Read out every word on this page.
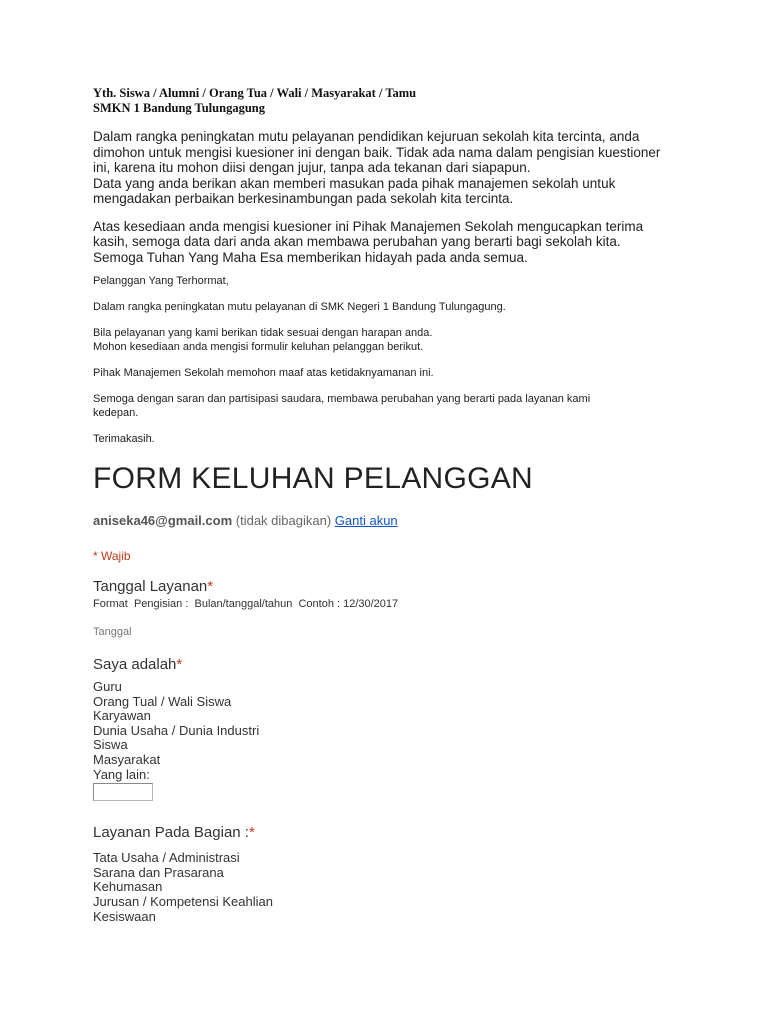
Yth. Siswa / Alumni / Orang Tua / Wali / Masyarakat / Tamu
SMKN 1 Bandung Tulungagung
Dalam rangka peningkatan mutu pelayanan pendidikan kejuruan sekolah kita tercinta, anda
dimohon untuk mengisi kuesioner ini dengan baik. Tidak ada nama dalam pengisian kuestioner
ini, karena itu mohon diisi dengan jujur, tanpa ada tekanan dari siapapun.
Data yang anda berikan akan memberi masukan pada pihak manajemen sekolah untuk
mengadakan perbaikan berkesinambungan pada sekolah kita tercinta.
Atas kesediaan anda mengisi kuesioner ini Pihak Manajemen Sekolah mengucapkan terima
kasih, semoga data dari anda akan membawa perubahan yang berarti bagi sekolah kita.
Semoga Tuhan Yang Maha Esa memberikan hidayah pada anda semua.
Pelanggan Yang Terhormat,
Dalam rangka peningkatan mutu pelayanan di SMK Negeri 1 Bandung Tulungagung.
Bila pelayanan yang kami berikan tidak sesuai dengan harapan anda.
Mohon kesediaan anda mengisi formulir keluhan pelanggan berikut.
Pihak Manajemen Sekolah memohon maaf atas ketidaknyamanan ini.
Semoga dengan saran dan partisipasi saudara, membawa perubahan yang berarti pada layanan kami
kedepan.
Terimakasih.
FORM KELUHAN PELANGGAN
aniseka46@gmail.com (tidak dibagikan) Ganti akun
* Wajib
Tanggal Layanan*
Format  Pengisian :  Bulan/tanggal/tahun  Contoh : 12/30/2017
Tanggal
Saya adalah*
Guru
Orang Tual / Wali Siswa
Karyawan
Dunia Usaha / Dunia Industri
Siswa
Masyarakat
Yang lain:
Layanan Pada Bagian :*
Tata Usaha / Administrasi
Sarana dan Prasarana
Kehumasan
Jurusan / Kompetensi Keahlian
Kesiswaan
